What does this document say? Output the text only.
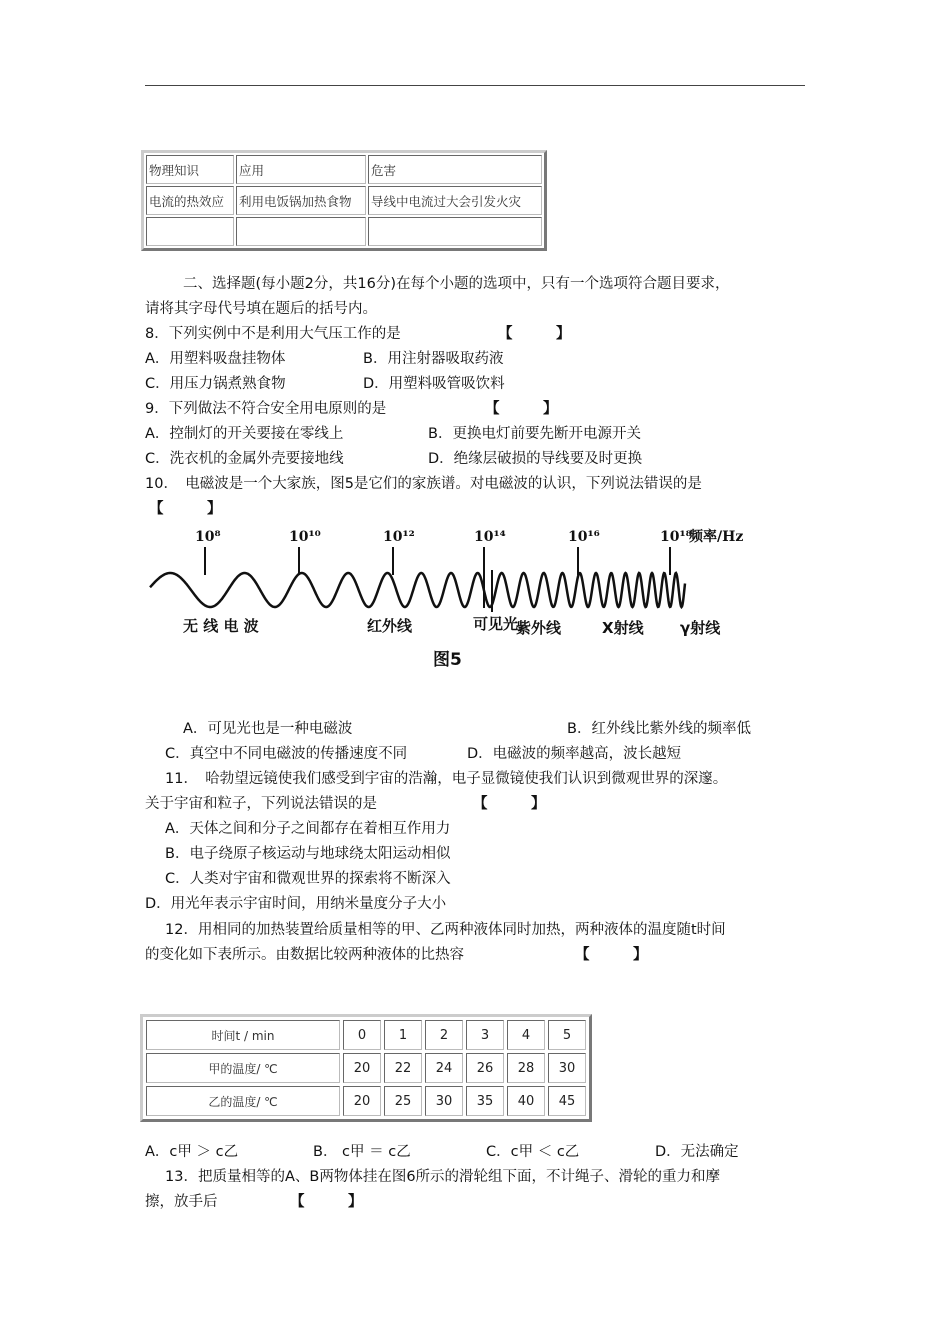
物理知识	应用	危害
电流的热效应	利用电饭锅加热食物	导线中电流过大会引发火灾

二、选择题(每小题2分，共16分)在每个小题的选项中，只有一个选项符合题目要求，
请将其字母代号填在题后的括号内。
8．下列实例中不是利用大气压工作的是	【　　　】
A．用塑料吸盘挂物体	B．用注射器吸取药液
C．用压力锅煮熟食物	D．用塑料吸管吸饮料
9．下列做法不符合安全用电原则的是	【　　　】
A．控制灯的开关要接在零线上	B．更换电灯前要先断开电源开关
C．洗衣机的金属外壳要接地线	D．绝缘层破损的导线要及时更换
10．　电磁波是一个大家族，图5是它们的家族谱。对电磁波的认识，下列说法错误的是
【　　　】
10⁸	10¹⁰	10¹²	10¹⁴	10¹⁶	10¹⁸
频率/Hz
无 线 电 波	红外线	可见光
紫外线	X射线 γ射线
图5
A．可见光也是一种电磁波	B．红外线比紫外线的频率低
C．真空中不同电磁波的传播速度不同	D．电磁波的频率越高，波长越短
11．　哈勃望远镜使我们感受到宇宙的浩瀚，电子显微镜使我们认识到微观世界的深邃。
关于宇宙和粒子，下列说法错误的是	【　　　】
A．天体之间和分子之间都存在着相互作用力
B．电子绕原子核运动与地球绕太阳运动相似
C．人类对宇宙和微观世界的探索将不断深入
D．用光年表示宇宙时间，用纳米量度分子大小
12．用相同的加热装置给质量相等的甲、乙两种液体同时加热，两种液体的温度随t时间
的变化如下表所示。由数据比较两种液体的比热容	【　　　】
时间t / min	0	1	2	3	4	5
甲的温度/ ℃	20	22	24	26	28	30
乙的温度/ ℃	20	25	30	35	40	45
A．c甲 ＞ c乙	B． c甲 ＝ c乙	C．c甲 ＜ c乙	D．无法确定
13．把质量相等的A、B两物体挂在图6所示的滑轮组下面，不计绳子、滑轮的重力和摩
擦，放手后	【　　　】
